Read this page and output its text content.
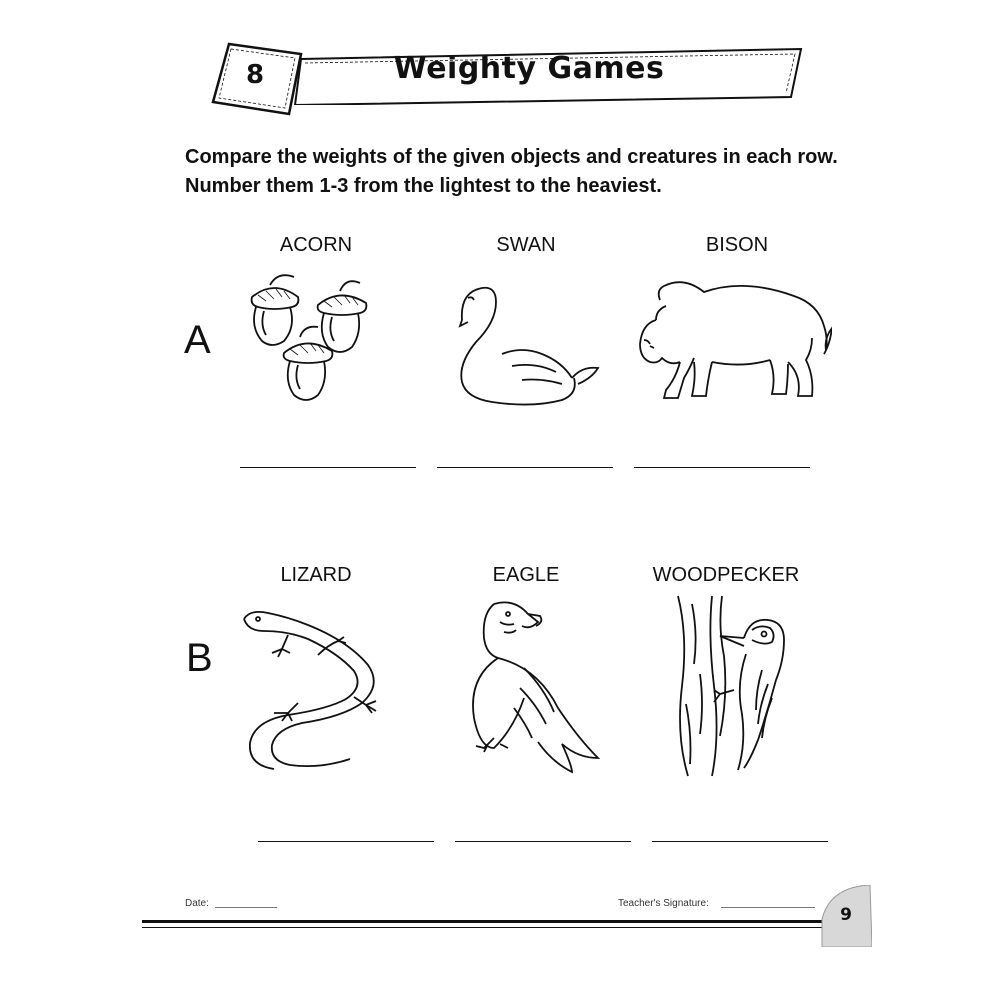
8	Weighty Games
Compare the weights of the given objects and creatures in each row. Number them 1-3 from the lightest to the heaviest.
A
ACORN	SWAN	BISON
B
LIZARD	EAGLE	WOODPECKER
Date:	Teacher's Signature:
9
